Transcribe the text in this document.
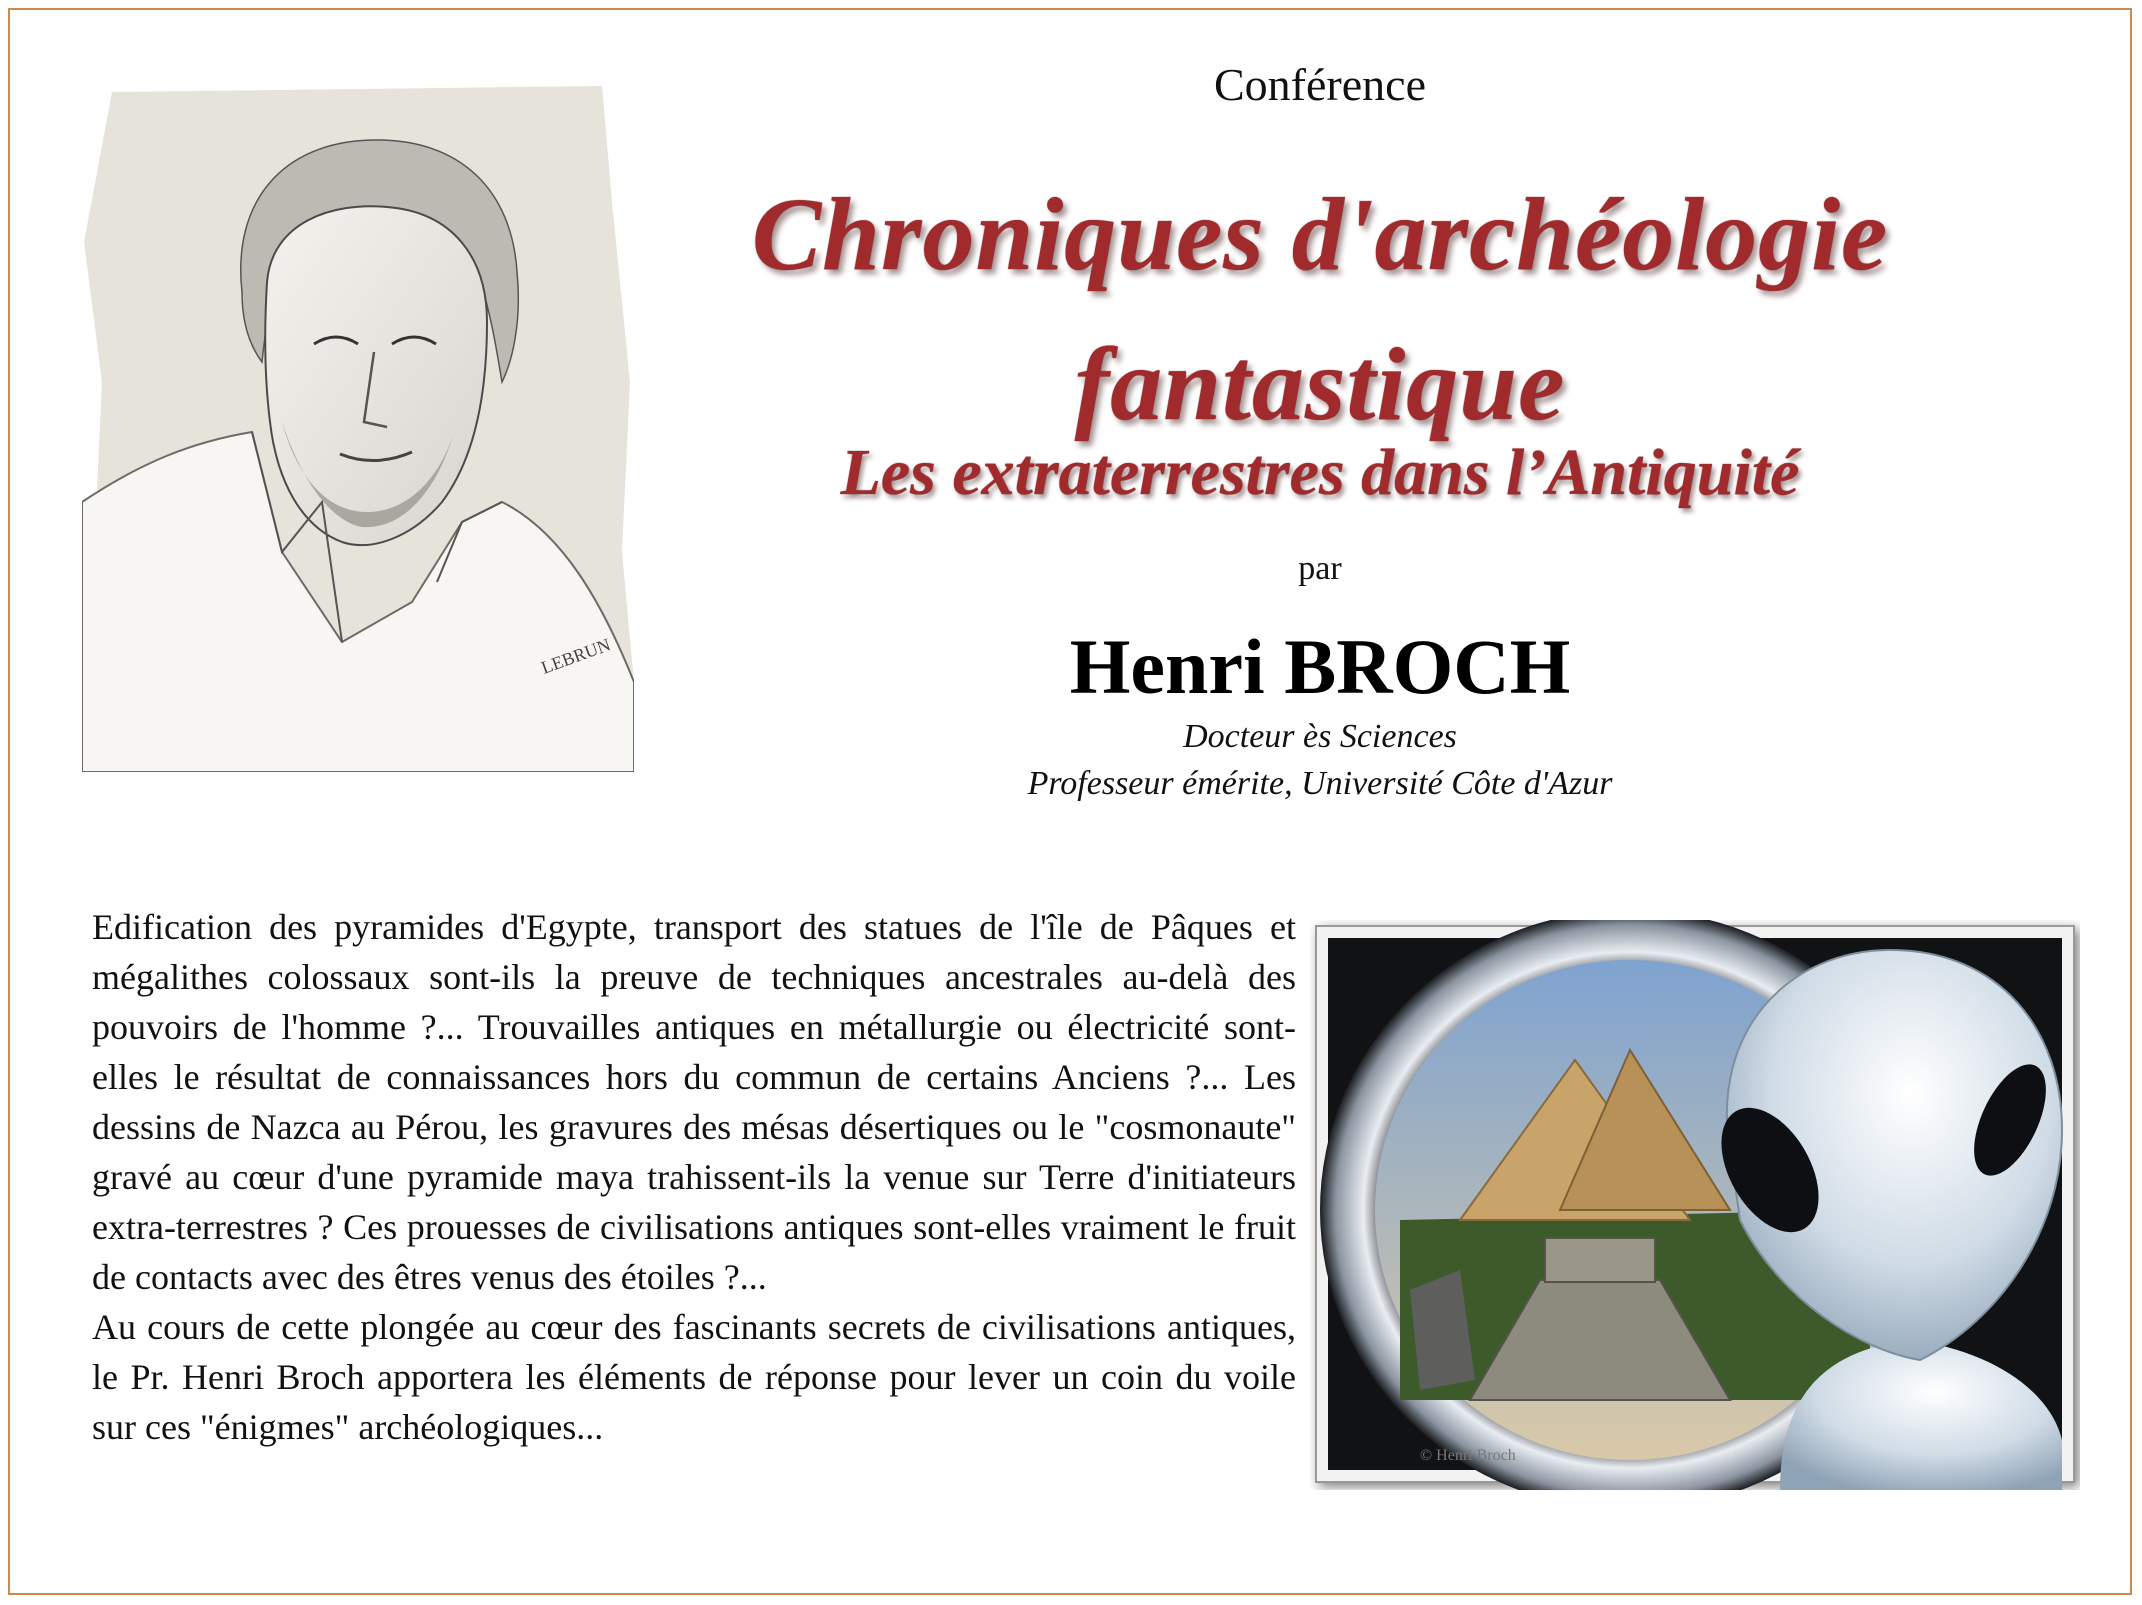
LEBRUN
Conférence
Chroniques d'archéologie
fantastique
Les extraterrestres dans l’Antiquité
par
Henri BROCH
Docteur ès Sciences
Professeur émérite, Université Côte d'Azur

Edification des pyramides d'Egypte, transport des statues de l'île de Pâques et mégalithes colossaux sont-ils la preuve de techniques ancestrales au-delà des pouvoirs de l'homme ?... Trouvailles antiques en métallurgie ou électricité sont-elles le résultat de connaissances hors du commun de certains Anciens ?... Les dessins de Nazca au Pérou, les gravures des mésas désertiques ou le "cosmonaute" gravé au cœur d'une pyramide maya trahissent-ils la venue sur Terre d'initiateurs extra-terrestres ? Ces prouesses de civilisations antiques sont-elles vraiment le fruit de contacts avec des êtres venus des étoiles ?...

Au cours de cette plongée au cœur des fascinants secrets de civilisations antiques, le Pr. Henri Broch apportera les éléments de réponse pour lever un coin du voile sur ces "énigmes" archéologiques...

© Henri Broch
